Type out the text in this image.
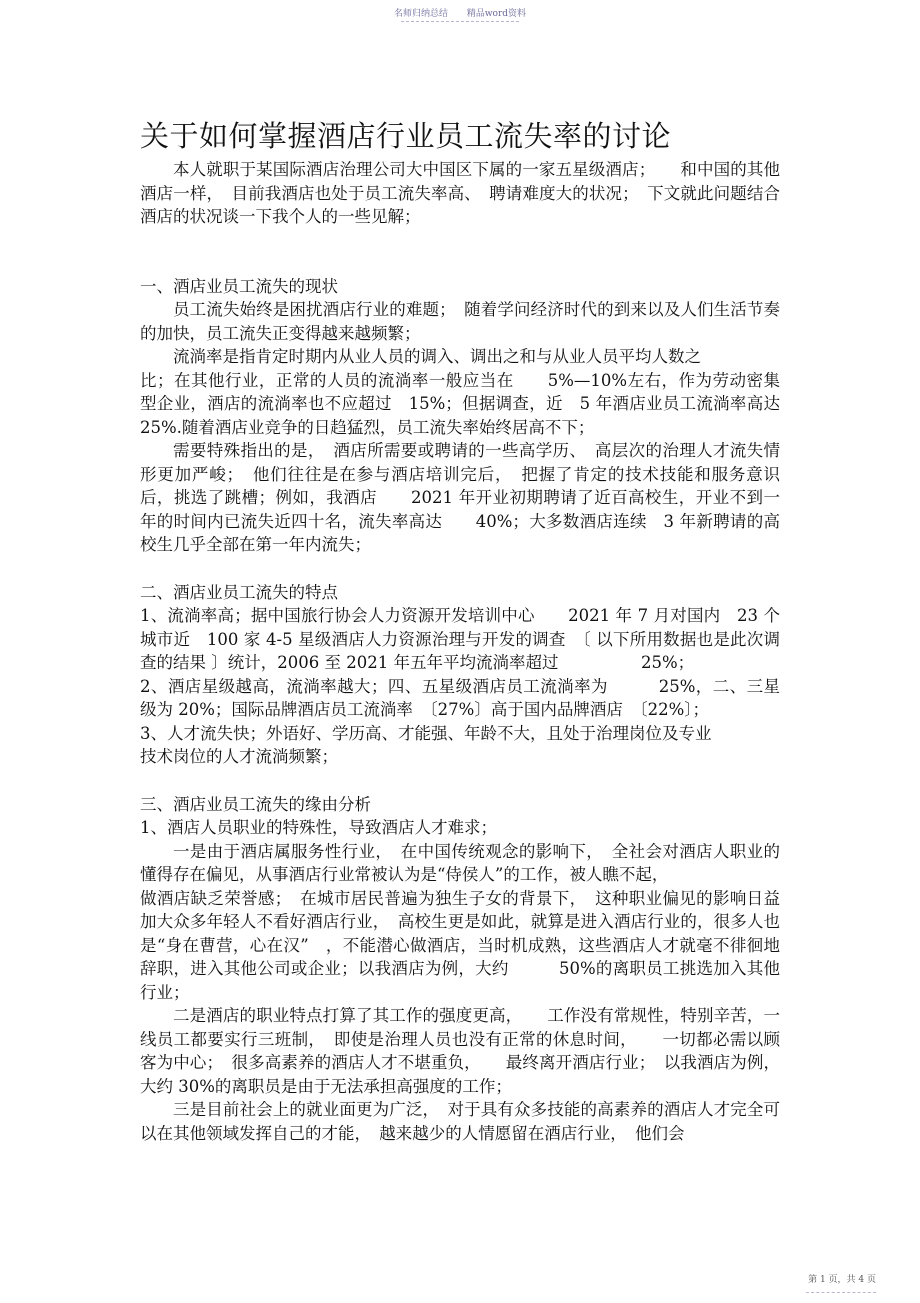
名师归纳总结 精品word资料
关于如何掌握酒店行业员工流失率的讨论

本人就职于某国际酒店治理公司大中国区下属的一家五星级酒店；　　和中国的其他酒店一样，　目前我酒店也处于员工流失率高、　聘请难度大的状况；　下文就此问题结合酒店的状况谈一下我个人的一些见解；

一、酒店业员工流失的现状

员工流失始终是困扰酒店行业的难题；　随着学问经济时代的到来以及人们生活节奏的加快，员工流失正变得越来越频繁；

流淌率是指肯定时期内从业人员的调入、调出之和与从业人员平均人数之

比；在其他行业，正常的人员的流淌率一般应当在　　5%—10%左右，作为劳动密集型企业，酒店的流淌率也不应超过　15%；但据调查，近　5 年酒店业员工流淌率高达 25%.随着酒店业竞争的日趋猛烈，员工流失率始终居高不下；

需要特殊指出的是，　酒店所需要或聘请的一些高学历、　高层次的治理人才流失情形更加严峻；　他们往往是在参与酒店培训完后，　把握了肯定的技术技能和服务意识后，挑选了跳槽；例如，我酒店　　2021 年开业初期聘请了近百高校生，开业不到一年的时间内已流失近四十名，流失率高达　　40%；大多数酒店连续　3 年新聘请的高校生几乎全部在第一年内流失；

二、酒店业员工流失的特点

1、流淌率高；据中国旅行协会人力资源开发培训中心　　2021 年 7 月对国内　23 个城市近　100 家 4-5 星级酒店人力资源治理与开发的调查　〔 以下所用数据也是此次调查的结果 〕统计，2006 至 2021 年五年平均流淌率超过　　　　　25%；

2、酒店星级越高，流淌率越大；四、五星级酒店员工流淌率为　　　25%，二、三星级为 20%；国际品牌酒店员工流淌率　〔27%〕高于国内品牌酒店　〔22%〕；

3、人才流失快；外语好、学历高、才能强、年龄不大，且处于治理岗位及专业

技术岗位的人才流淌频繁；

三、酒店业员工流失的缘由分析

1、酒店人员职业的特殊性，导致酒店人才难求；

一是由于酒店属服务性行业，　在中国传统观念的影响下，　全社会对酒店人职业的懂得存在偏见，从事酒店行业常被认为是“侍侯人”的工作，被人瞧不起，

做酒店缺乏荣誉感；　在城市居民普遍为独生子女的背景下，　这种职业偏见的影响日益加大众多年轻人不看好酒店行业，　高校生更是如此，就算是进入酒店行业的，很多人也是“身在曹营，心在汉”　，不能潜心做酒店，当时机成熟，这些酒店人才就毫不徘徊地辞职，进入其他公司或企业；以我酒店为例，大约　　　50%的离职员工挑选加入其他行业；

二是酒店的职业特点打算了其工作的强度更高，　　工作没有常规性，特别辛苦，一线员工都要实行三班制，　即使是治理人员也没有正常的休息时间，　　一切都必需以顾客为中心；　很多高素养的酒店人才不堪重负，　　最终离开酒店行业；　以我酒店为例，大约 30%的离职员是由于无法承担高强度的工作；

三是目前社会上的就业面更为广泛，　对于具有众多技能的高素养的酒店人才完全可以在其他领域发挥自己的才能，　越来越少的人情愿留在酒店行业，　他们会

第 1 页，共 4 页
